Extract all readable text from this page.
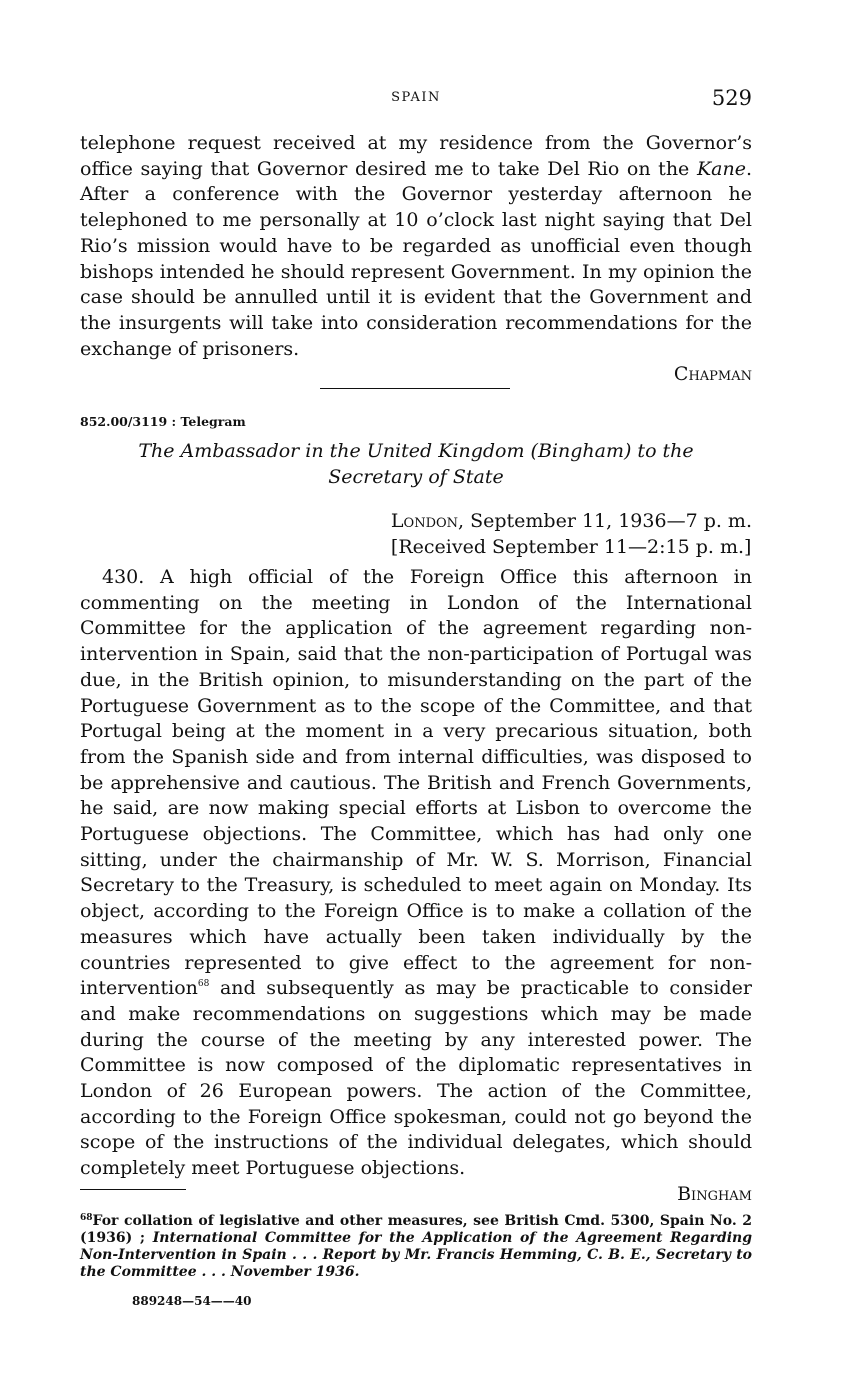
SPAIN	529

telephone request received at my residence from the Governor’s office saying that Governor desired me to take Del Rio on the Kane. After a conference with the Governor yesterday afternoon he telephoned to me personally at 10 o’clock last night saying that Del Rio’s mission would have to be regarded as unofficial even though bishops intended he should represent Government. In my opinion the case should be annulled until it is evident that the Government and the insurgents will take into consideration recommendations for the exchange of prisoners.

Chapman
852.00/3119 : Telegram
The Ambassador in the United Kingdom (Bingham) to the
Secretary of State
London, September 11, 1936—7 p. m.
[Received September 11—2:15 p. m.]

430. A high official of the Foreign Office this afternoon in commenting on the meeting in London of the International Committee for the application of the agreement regarding non-intervention in Spain, said that the non-participation of Portugal was due, in the British opinion, to misunderstanding on the part of the Portuguese Government as to the scope of the Committee, and that Portugal being at the moment in a very precarious situation, both from the Spanish side and from internal difficulties, was disposed to be apprehensive and cautious. The British and French Governments, he said, are now making special efforts at Lisbon to overcome the Portuguese objections. The Committee, which has had only one sitting, under the chairmanship of Mr. W. S. Morrison, Financial Secretary to the Treasury, is scheduled to meet again on Monday. Its object, according to the Foreign Office is to make a collation of the measures which have actually been taken individually by the countries represented to give effect to the agreement for non-intervention$^{68}$ and subsequently as may be practicable to consider and make recommendations on suggestions which may be made during the course of the meeting by any interested power. The Committee is now composed of the diplomatic representatives in London of 26 European powers. The action of the Committee, according to the Foreign Office spokesman, could not go beyond the scope of the instructions of the individual delegates, which should completely meet Portuguese objections.

Bingham
$^{68}$For collation of legislative and other measures, see British Cmd. 5300, Spain No. 2 (1936) ; International Committee for the Application of the Agreement Regarding Non-Intervention in Spain . . . Report by Mr. Francis Hemming, C. B. E., Secretary to the Committee . . . November 1936.
889248—54——40
